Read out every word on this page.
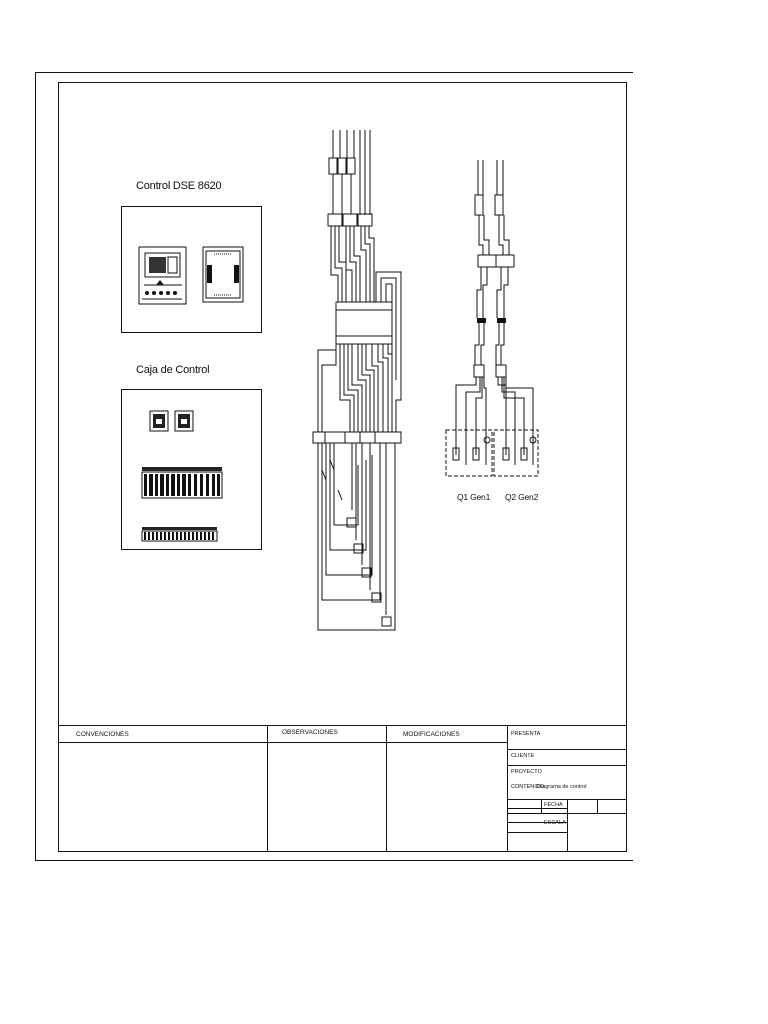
Control DSE 8620
Caja de Control
Q1 Gen1 Q2 Gen2
CONVENCIONES	OBSERVACIONES	MODIFICACIONES	PRESENTA
CLIENTE
PROYECTO
CONTENIDO
Diagrama de control
FECHA
ESCALA
